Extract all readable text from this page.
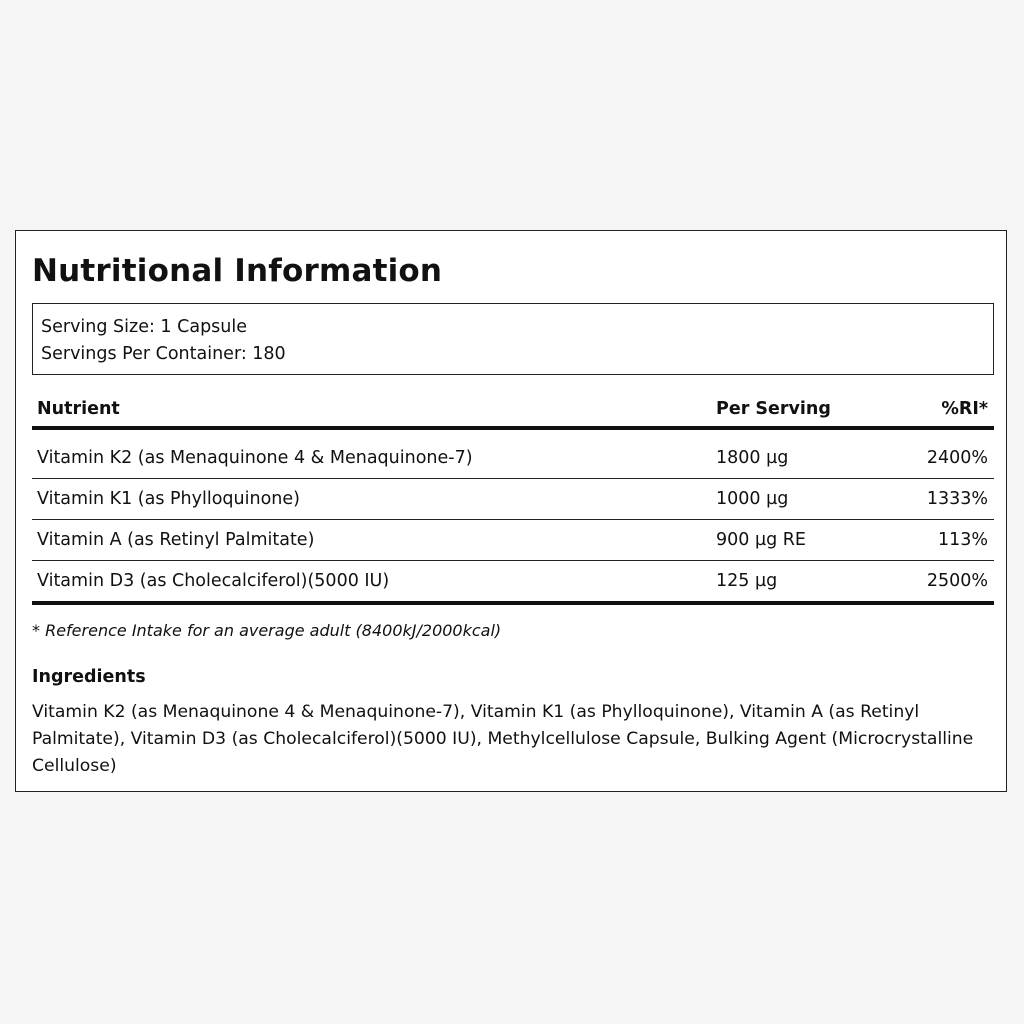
Nutritional Information
Serving Size: 1 Capsule
Servings Per Container: 180
Nutrient	Per Serving	%RI*
Vitamin K2 (as Menaquinone 4 & Menaquinone-7)	1800 µg	2400%
Vitamin K1 (as Phylloquinone)	1000 µg	1333%
Vitamin A (as Retinyl Palmitate)	900 µg RE	113%
Vitamin D3 (as Cholecalciferol)(5000 IU)	125 µg	2500%
* Reference Intake for an average adult (8400kJ/2000kcal)
Ingredients
Vitamin K2 (as Menaquinone 4 & Menaquinone-7), Vitamin K1 (as Phylloquinone), Vitamin A (as Retinyl Palmitate), Vitamin D3 (as Cholecalciferol)(5000 IU), Methylcellulose Capsule, Bulking Agent (Microcrystalline Cellulose)
